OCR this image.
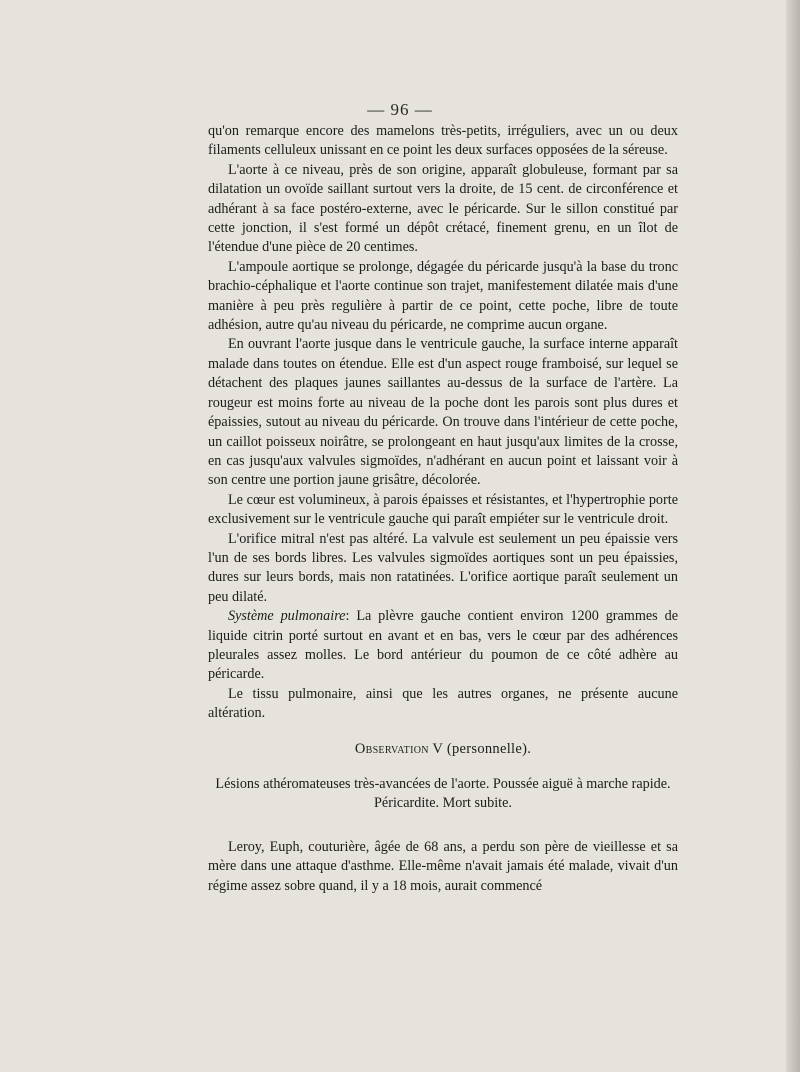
— 96 —

qu'on remarque encore des mamelons très-petits, irréguliers, avec un ou deux filaments celluleux unissant en ce point les deux surfaces opposées de la séreuse.

L'aorte à ce niveau, près de son origine, apparaît globuleuse, formant par sa dilatation un ovoïde saillant surtout vers la droite, de 15 cent. de circonférence et adhérant à sa face postéro-externe, avec le péricarde. Sur le sillon constitué par cette jonction, il s'est formé un dépôt crétacé, finement grenu, en un îlot de l'étendue d'une pièce de 20 centimes.

L'ampoule aortique se prolonge, dégagée du péricarde jusqu'à la base du tronc brachio-céphalique et l'aorte continue son trajet, manifestement dilatée mais d'une manière à peu près regulière à partir de ce point, cette poche, libre de toute adhésion, autre qu'au niveau du péricarde, ne comprime aucun organe.

En ouvrant l'aorte jusque dans le ventricule gauche, la surface interne apparaît malade dans toutes on étendue. Elle est d'un aspect rouge framboisé, sur lequel se détachent des plaques jaunes saillantes au-dessus de la surface de l'artère. La rougeur est moins forte au niveau de la poche dont les parois sont plus dures et épaissies, sutout au niveau du péricarde. On trouve dans l'intérieur de cette poche, un caillot poisseux noirâtre, se prolongeant en haut jusqu'aux limites de la crosse, en cas jusqu'aux valvules sigmoïdes, n'adhérant en aucun point et laissant voir à son centre une portion jaune grisâtre, décolorée.

Le cœur est volumineux, à parois épaisses et résistantes, et l'hypertrophie porte exclusivement sur le ventricule gauche qui paraît empiéter sur le ventricule droit.

L'orifice mitral n'est pas altéré. La valvule est seulement un peu épaissie vers l'un de ses bords libres. Les valvules sigmoïdes aortiques sont un peu épaissies, dures sur leurs bords, mais non ratatinées. L'orifice aortique paraît seulement un peu dilaté.

Système pulmonaire: La plèvre gauche contient environ 1200 grammes de liquide citrin porté surtout en avant et en bas, vers le cœur par des adhérences pleurales assez molles. Le bord antérieur du poumon de ce côté adhère au péricarde.

Le tissu pulmonaire, ainsi que les autres organes, ne présente aucune altération.

Observation V (personnelle).

Lésions athéromateuses très-avancées de l'aorte. Poussée aiguë à marche rapide. Péricardite. Mort subite.

Leroy, Euph, couturière, âgée de 68 ans, a perdu son père de vieillesse et sa mère dans une attaque d'asthme. Elle-même n'avait jamais été malade, vivait d'un régime assez sobre quand, il y a 18 mois, aurait commencé
